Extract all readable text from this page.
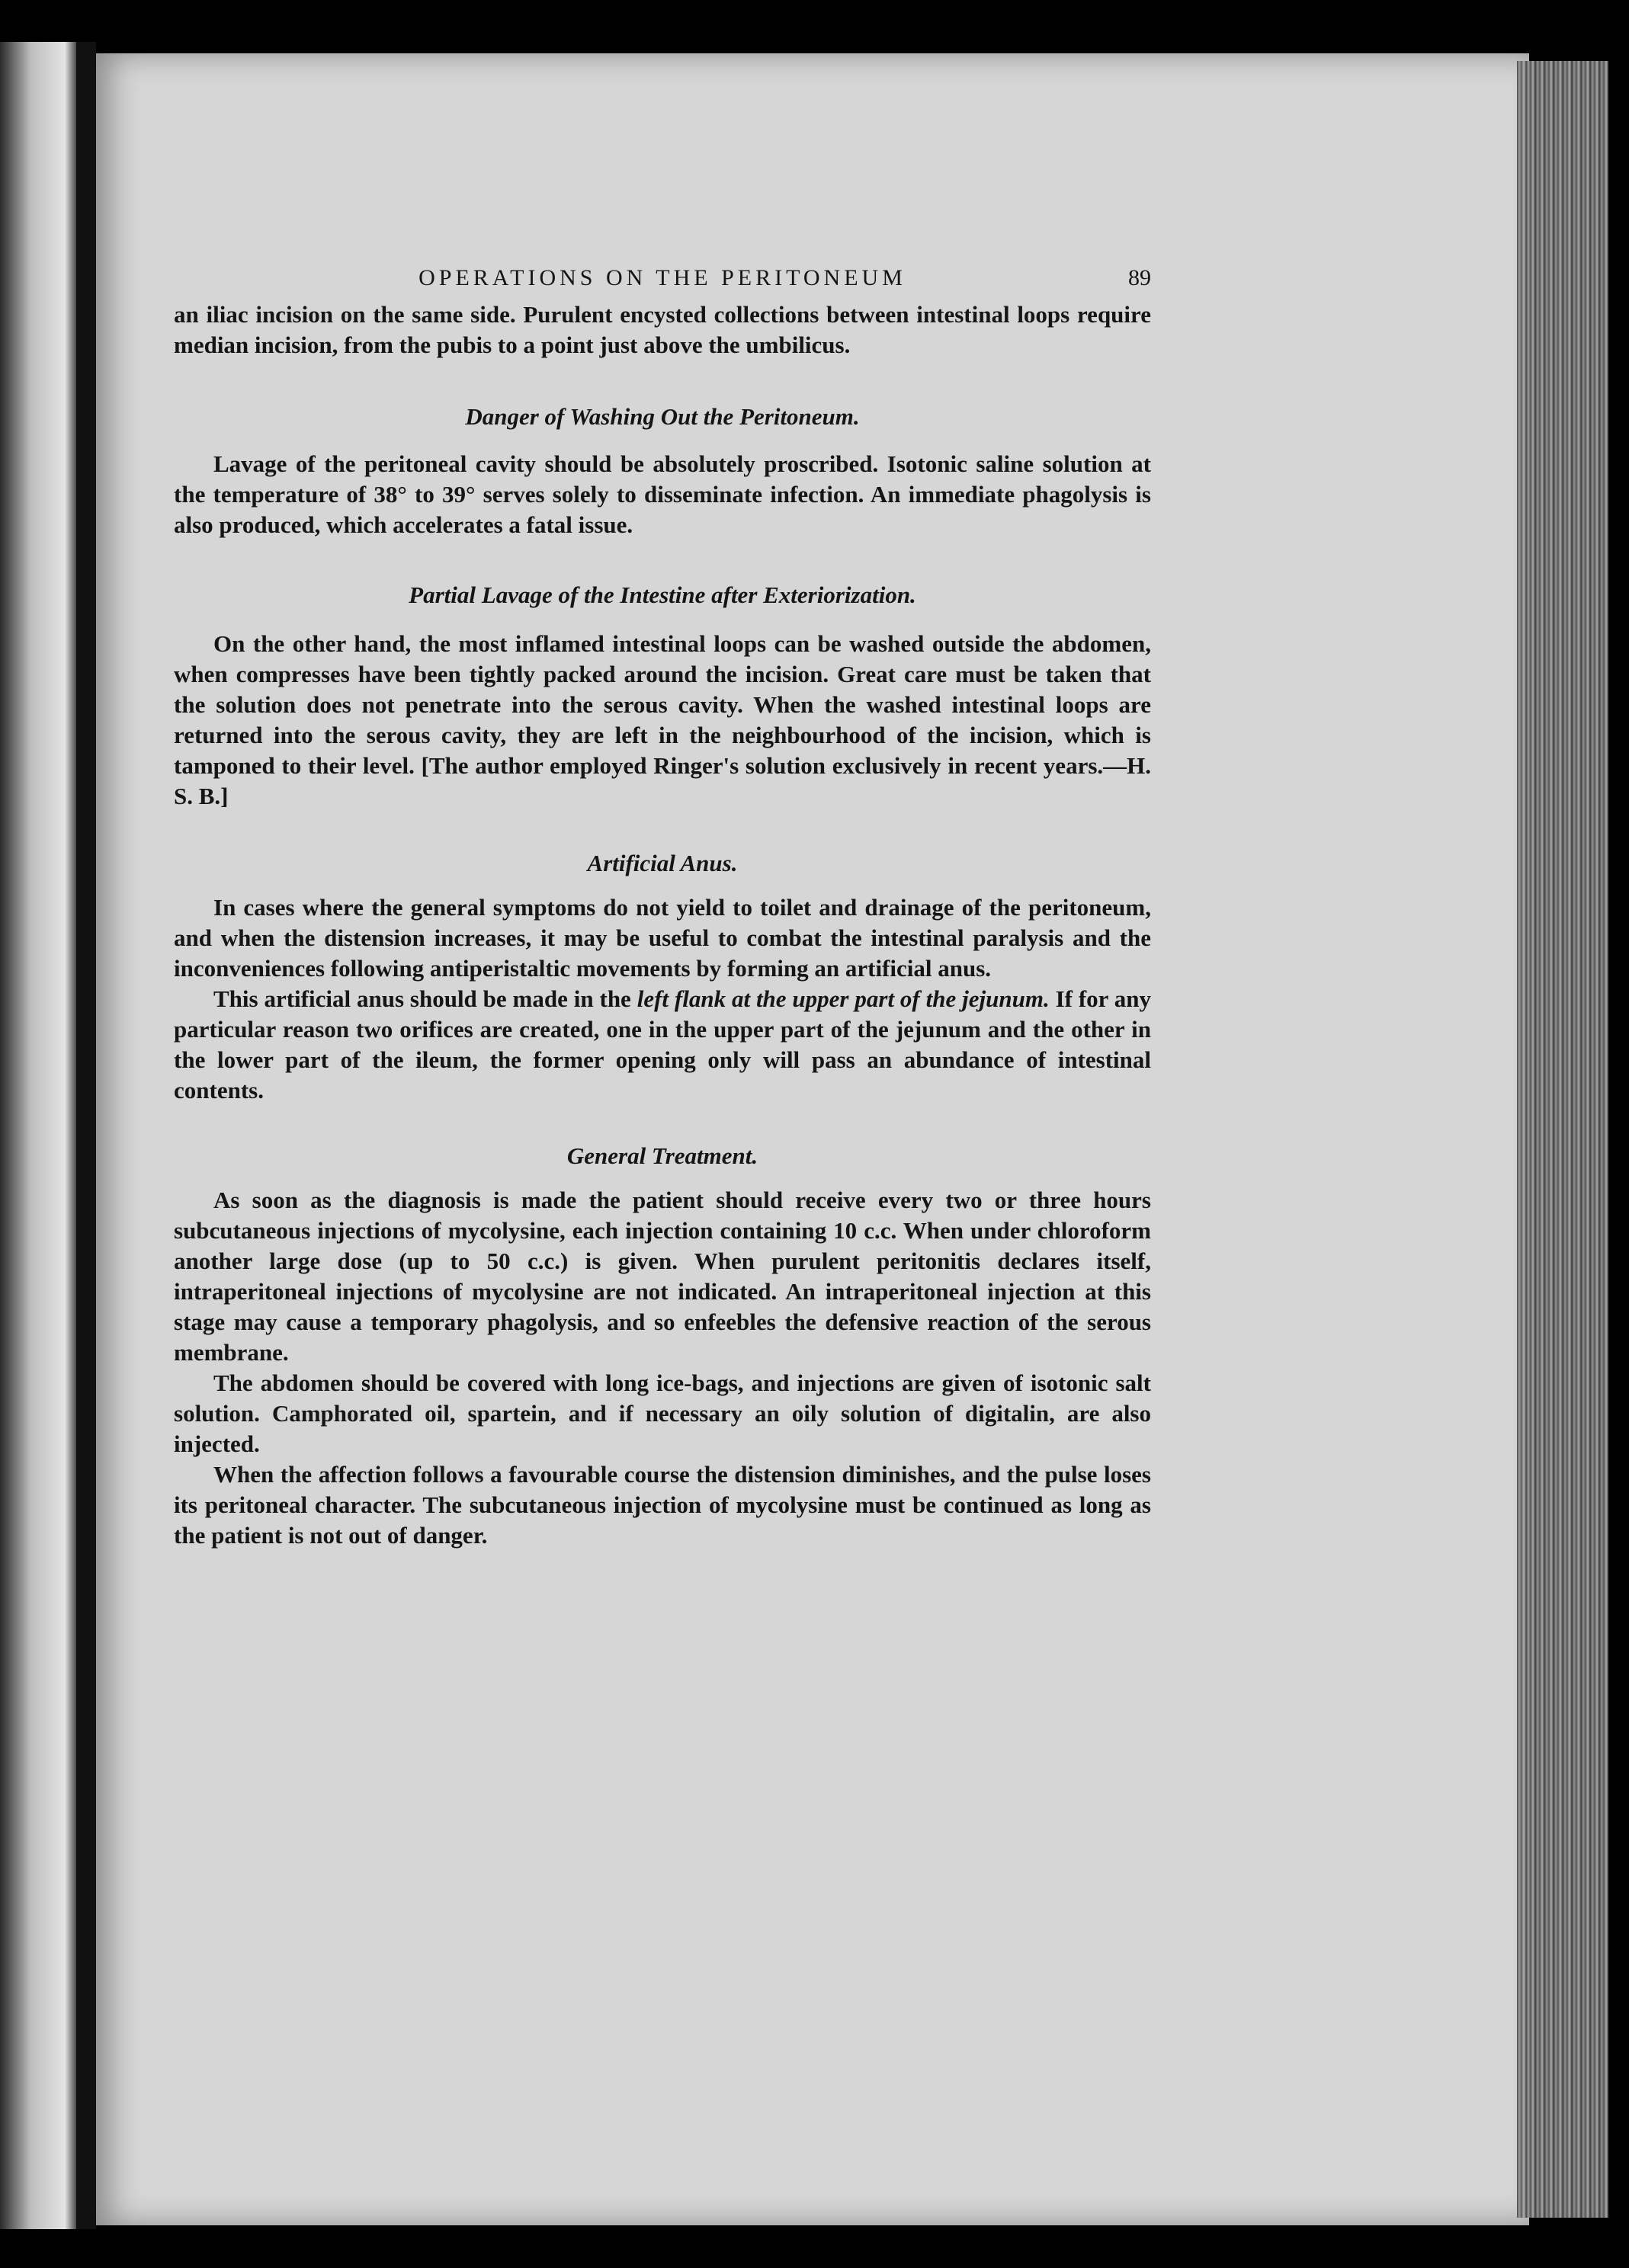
OPERATIONS ON THE PERITONEUM	89

an iliac incision on the same side. Purulent encysted collections between intestinal loops require median incision, from the pubis to a point just above the umbilicus.

Danger of Washing Out the Peritoneum.

Lavage of the peritoneal cavity should be absolutely proscribed. Isotonic saline solution at the temperature of 38° to 39° serves solely to disseminate infection. An immediate phagolysis is also produced, which accelerates a fatal issue.

Partial Lavage of the Intestine after Exteriorization.

On the other hand, the most inflamed intestinal loops can be washed outside the abdomen, when compresses have been tightly packed around the incision. Great care must be taken that the solution does not penetrate into the serous cavity. When the washed intestinal loops are returned into the serous cavity, they are left in the neighbourhood of the incision, which is tamponed to their level. [The author employed Ringer's solution exclusively in recent years.—H. S. B.]

Artificial Anus.

In cases where the general symptoms do not yield to toilet and drainage of the peritoneum, and when the distension increases, it may be useful to combat the intestinal paralysis and the inconveniences following antiperistaltic movements by forming an artificial anus.

This artificial anus should be made in the left flank at the upper part of the jejunum. If for any particular reason two orifices are created, one in the upper part of the jejunum and the other in the lower part of the ileum, the former opening only will pass an abundance of intestinal contents.

General Treatment.

As soon as the diagnosis is made the patient should receive every two or three hours subcutaneous injections of mycolysine, each injection containing 10 c.c. When under chloroform another large dose (up to 50 c.c.) is given. When purulent peritonitis declares itself, intraperitoneal injections of mycolysine are not indicated. An intraperitoneal injection at this stage may cause a temporary phagolysis, and so enfeebles the defensive reaction of the serous membrane.

The abdomen should be covered with long ice-bags, and injections are given of isotonic salt solution. Camphorated oil, spartein, and if necessary an oily solution of digitalin, are also injected.

When the affection follows a favourable course the distension diminishes, and the pulse loses its peritoneal character. The subcutaneous injection of mycolysine must be continued as long as the patient is not out of danger.
